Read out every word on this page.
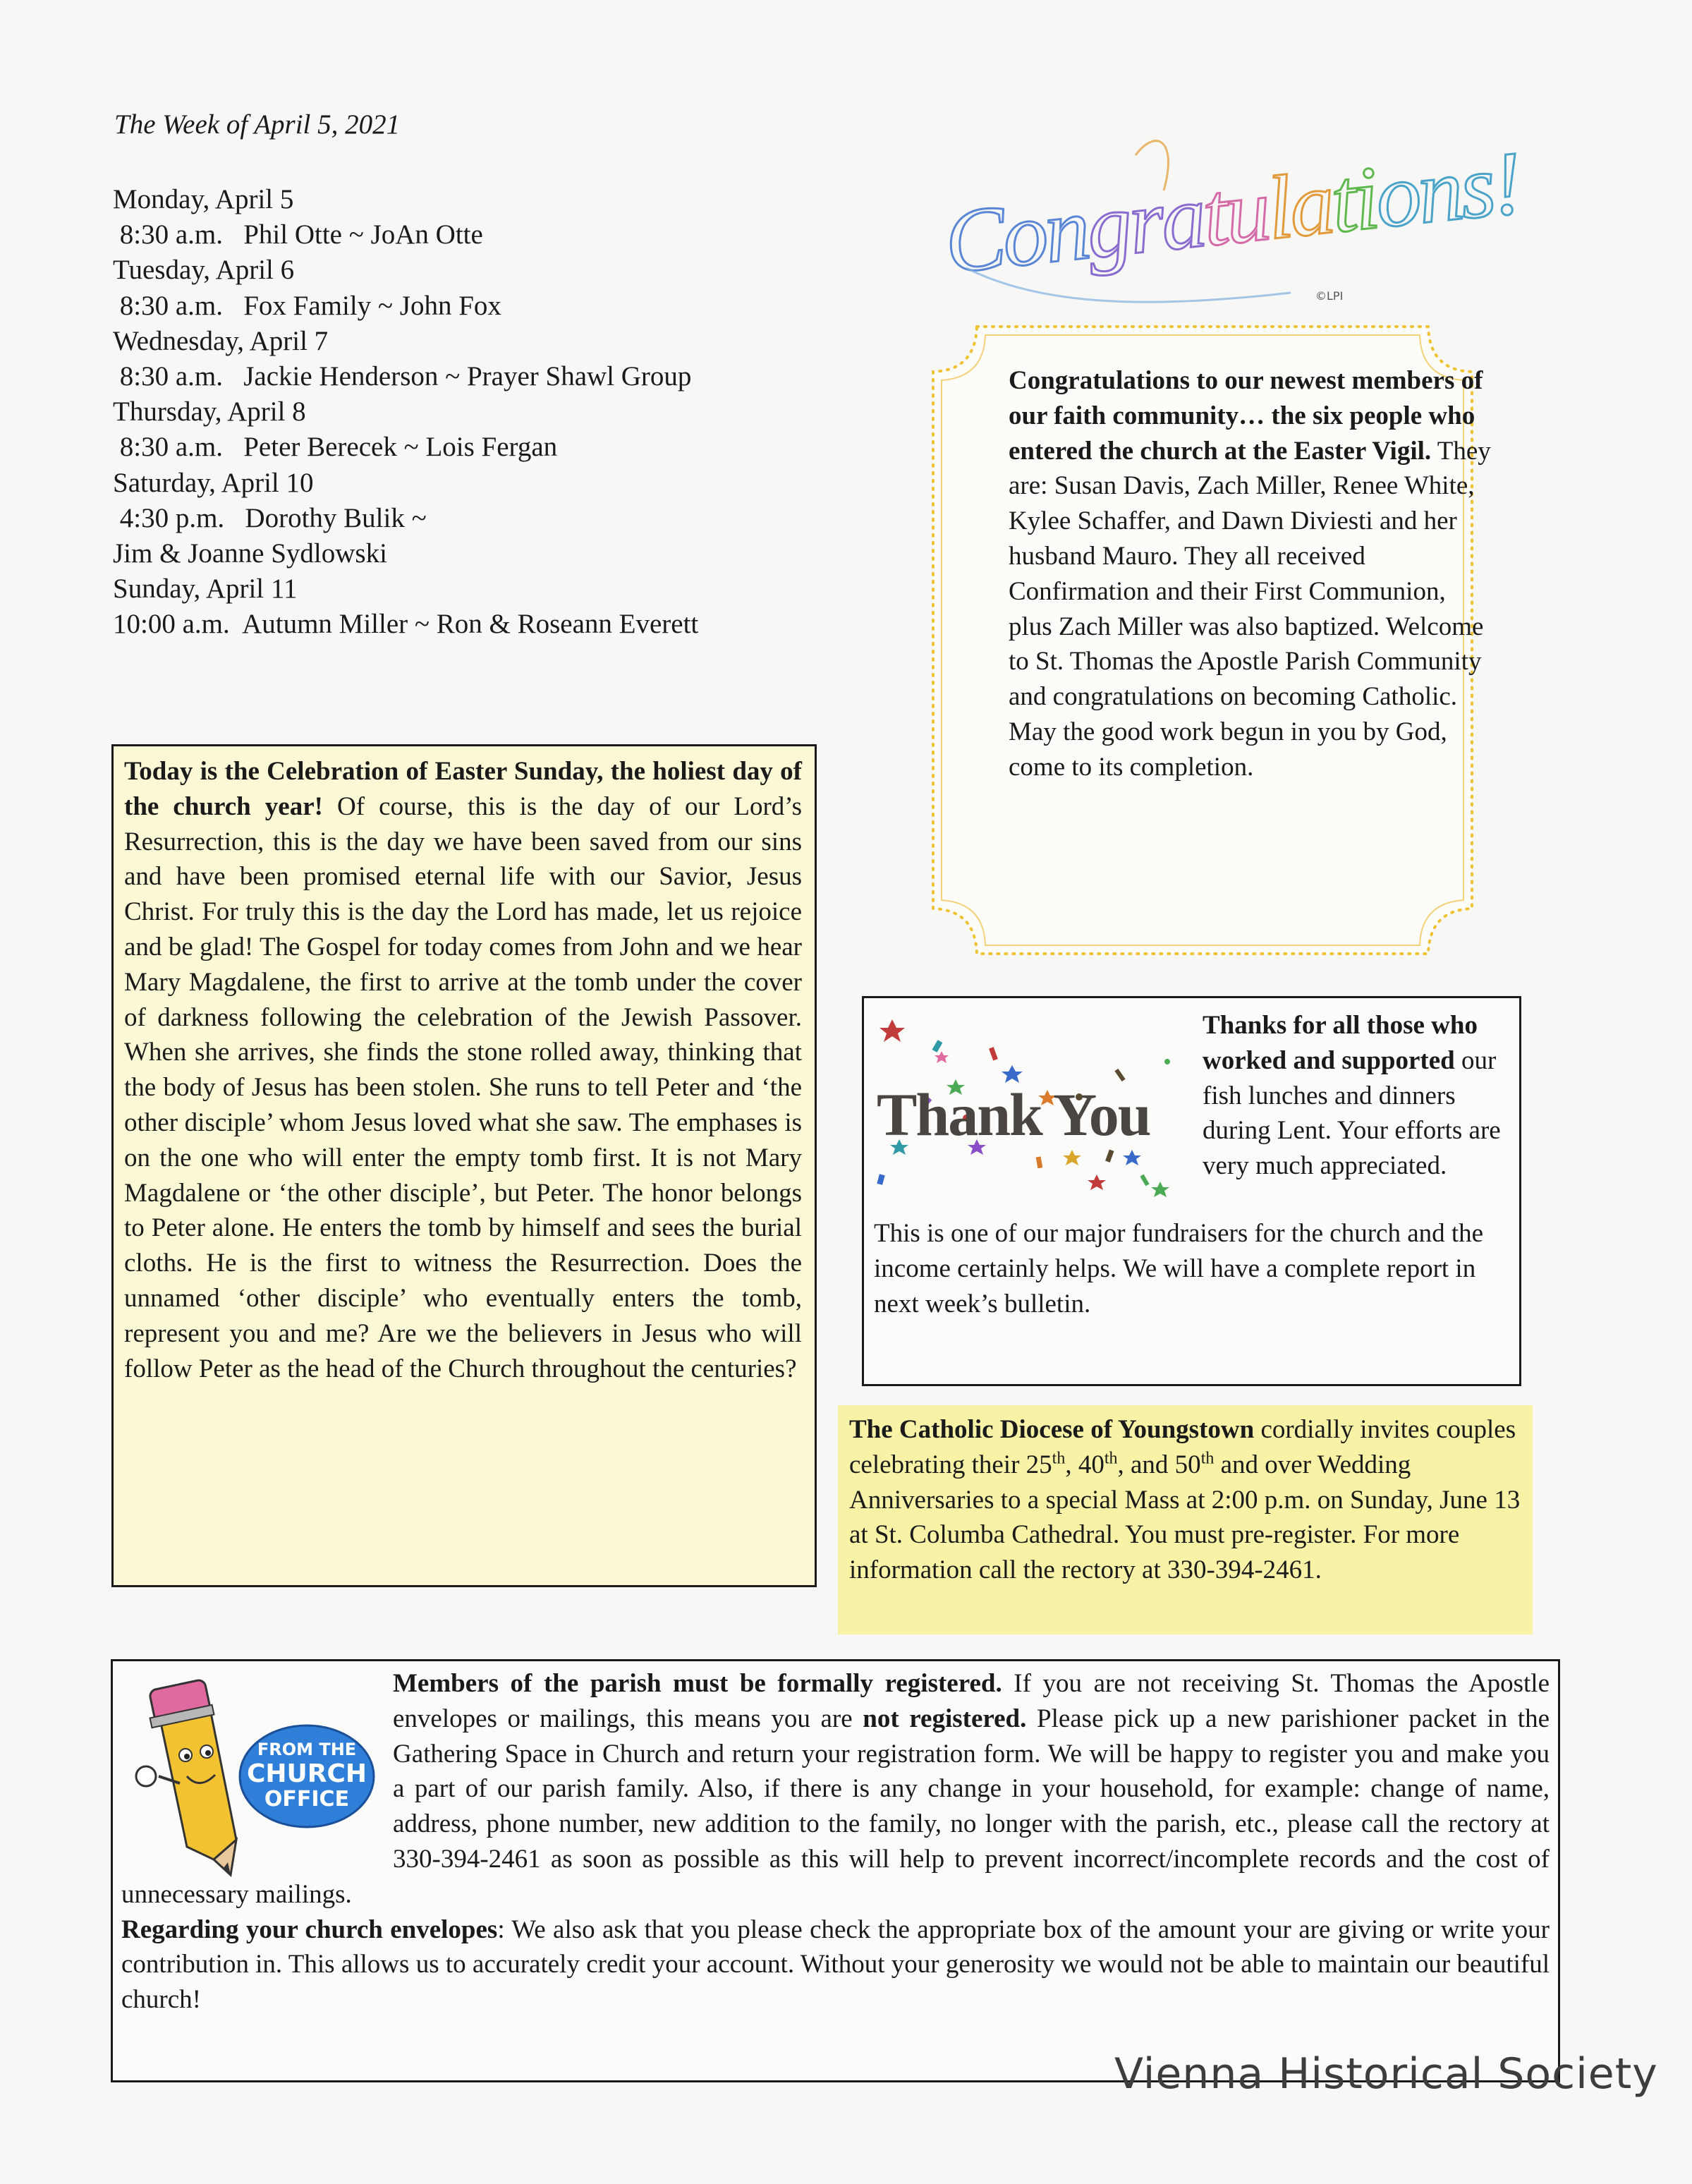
The Week of April 5, 2021
Monday, April 5
8:30 a.m.   Phil Otte ~ JoAn Otte
Tuesday, April 6
8:30 a.m.   Fox Family ~ John Fox
Wednesday, April 7
8:30 a.m.   Jackie Henderson ~ Prayer Shawl Group
Thursday, April 8
8:30 a.m.   Peter Berecek ~ Lois Fergan
Saturday, April 10
4:30 p.m.   Dorothy Bulik ~
Jim & Joanne Sydlowski
Sunday, April 11
10:00 a.m.  Autumn Miller ~ Ron & Roseann Everett
Today is the Celebration of Easter Sunday, the holiest day of the church year! Of course, this is the day of our Lord’s Resurrection, this is the day we have been saved from our sins and have been promised eternal life with our Savior, Jesus Christ. For truly this is the day the Lord has made, let us rejoice and be glad! The Gospel for today comes from John and we hear Mary Magdalene, the first to arrive at the tomb under the cover of darkness following the celebration of the Jewish Passover. When she arrives, she finds the stone rolled away, thinking that the body of Jesus has been stolen. She runs to tell Peter and ‘the other disciple’ whom Jesus loved what she saw. The emphases is on the one who will enter the empty tomb first. It is not Mary Magdalene or ‘the other disciple’, but Peter. The honor belongs to Peter alone. He enters the tomb by himself and sees the burial cloths. He is the first to witness the Resurrection. Does the unnamed ‘other disciple’ who eventually enters the tomb, represent you and me? Are we the believers in Jesus who will follow Peter as the head of the Church throughout the centuries?
Congratulations!
©LPI
Congratulations to our newest members of our faith community… the six people who entered the church at the Easter Vigil. They are: Susan Davis, Zach Miller, Renee White, Kylee Schaffer, and Dawn Diviesti and her husband Mauro. They all received Confirmation and their First Communion, plus Zach Miller was also baptized. Welcome to St. Thomas the Apostle Parish Community and congratulations on becoming Catholic. May the good work begun in you by God, come to its completion.
Thank You
Thanks for all those who worked and supported our fish lunches and dinners during Lent. Your efforts are very much appreciated.
This is one of our major fundraisers for the church and the income certainly helps. We will have a complete report in next week’s bulletin.
The Catholic Diocese of Youngstown cordially invites couples celebrating their 25th, 40th, and 50th and over Wedding Anniversaries to a special Mass at 2:00 p.m. on Sunday, June 13 at St. Columba Cathedral. You must pre-register. For more information call the rectory at 330-394-2461.
FROM THE
CHURCH
OFFICE
Members of the parish must be formally registered. If you are not receiving St. Thomas the Apostle envelopes or mailings, this means you are not registered. Please pick up a new parishioner packet in the Gathering Space in Church and return your registration form. We will be happy to register you and make you a part of our parish family. Also, if there is any change in your household, for example: change of name, address, phone number, new addition to the family, no longer with the parish, etc., please call the rectory at 330-394-2461 as soon as possible as this will help to prevent incorrect/incomplete records and the cost of unnecessary mailings.
Regarding your church envelopes: We also ask that you please check the appropriate box of the amount your are giving or write your contribution in. This allows us to accurately credit your account. Without your generosity we would not be able to maintain our beautiful church!
Vienna Historical Society
